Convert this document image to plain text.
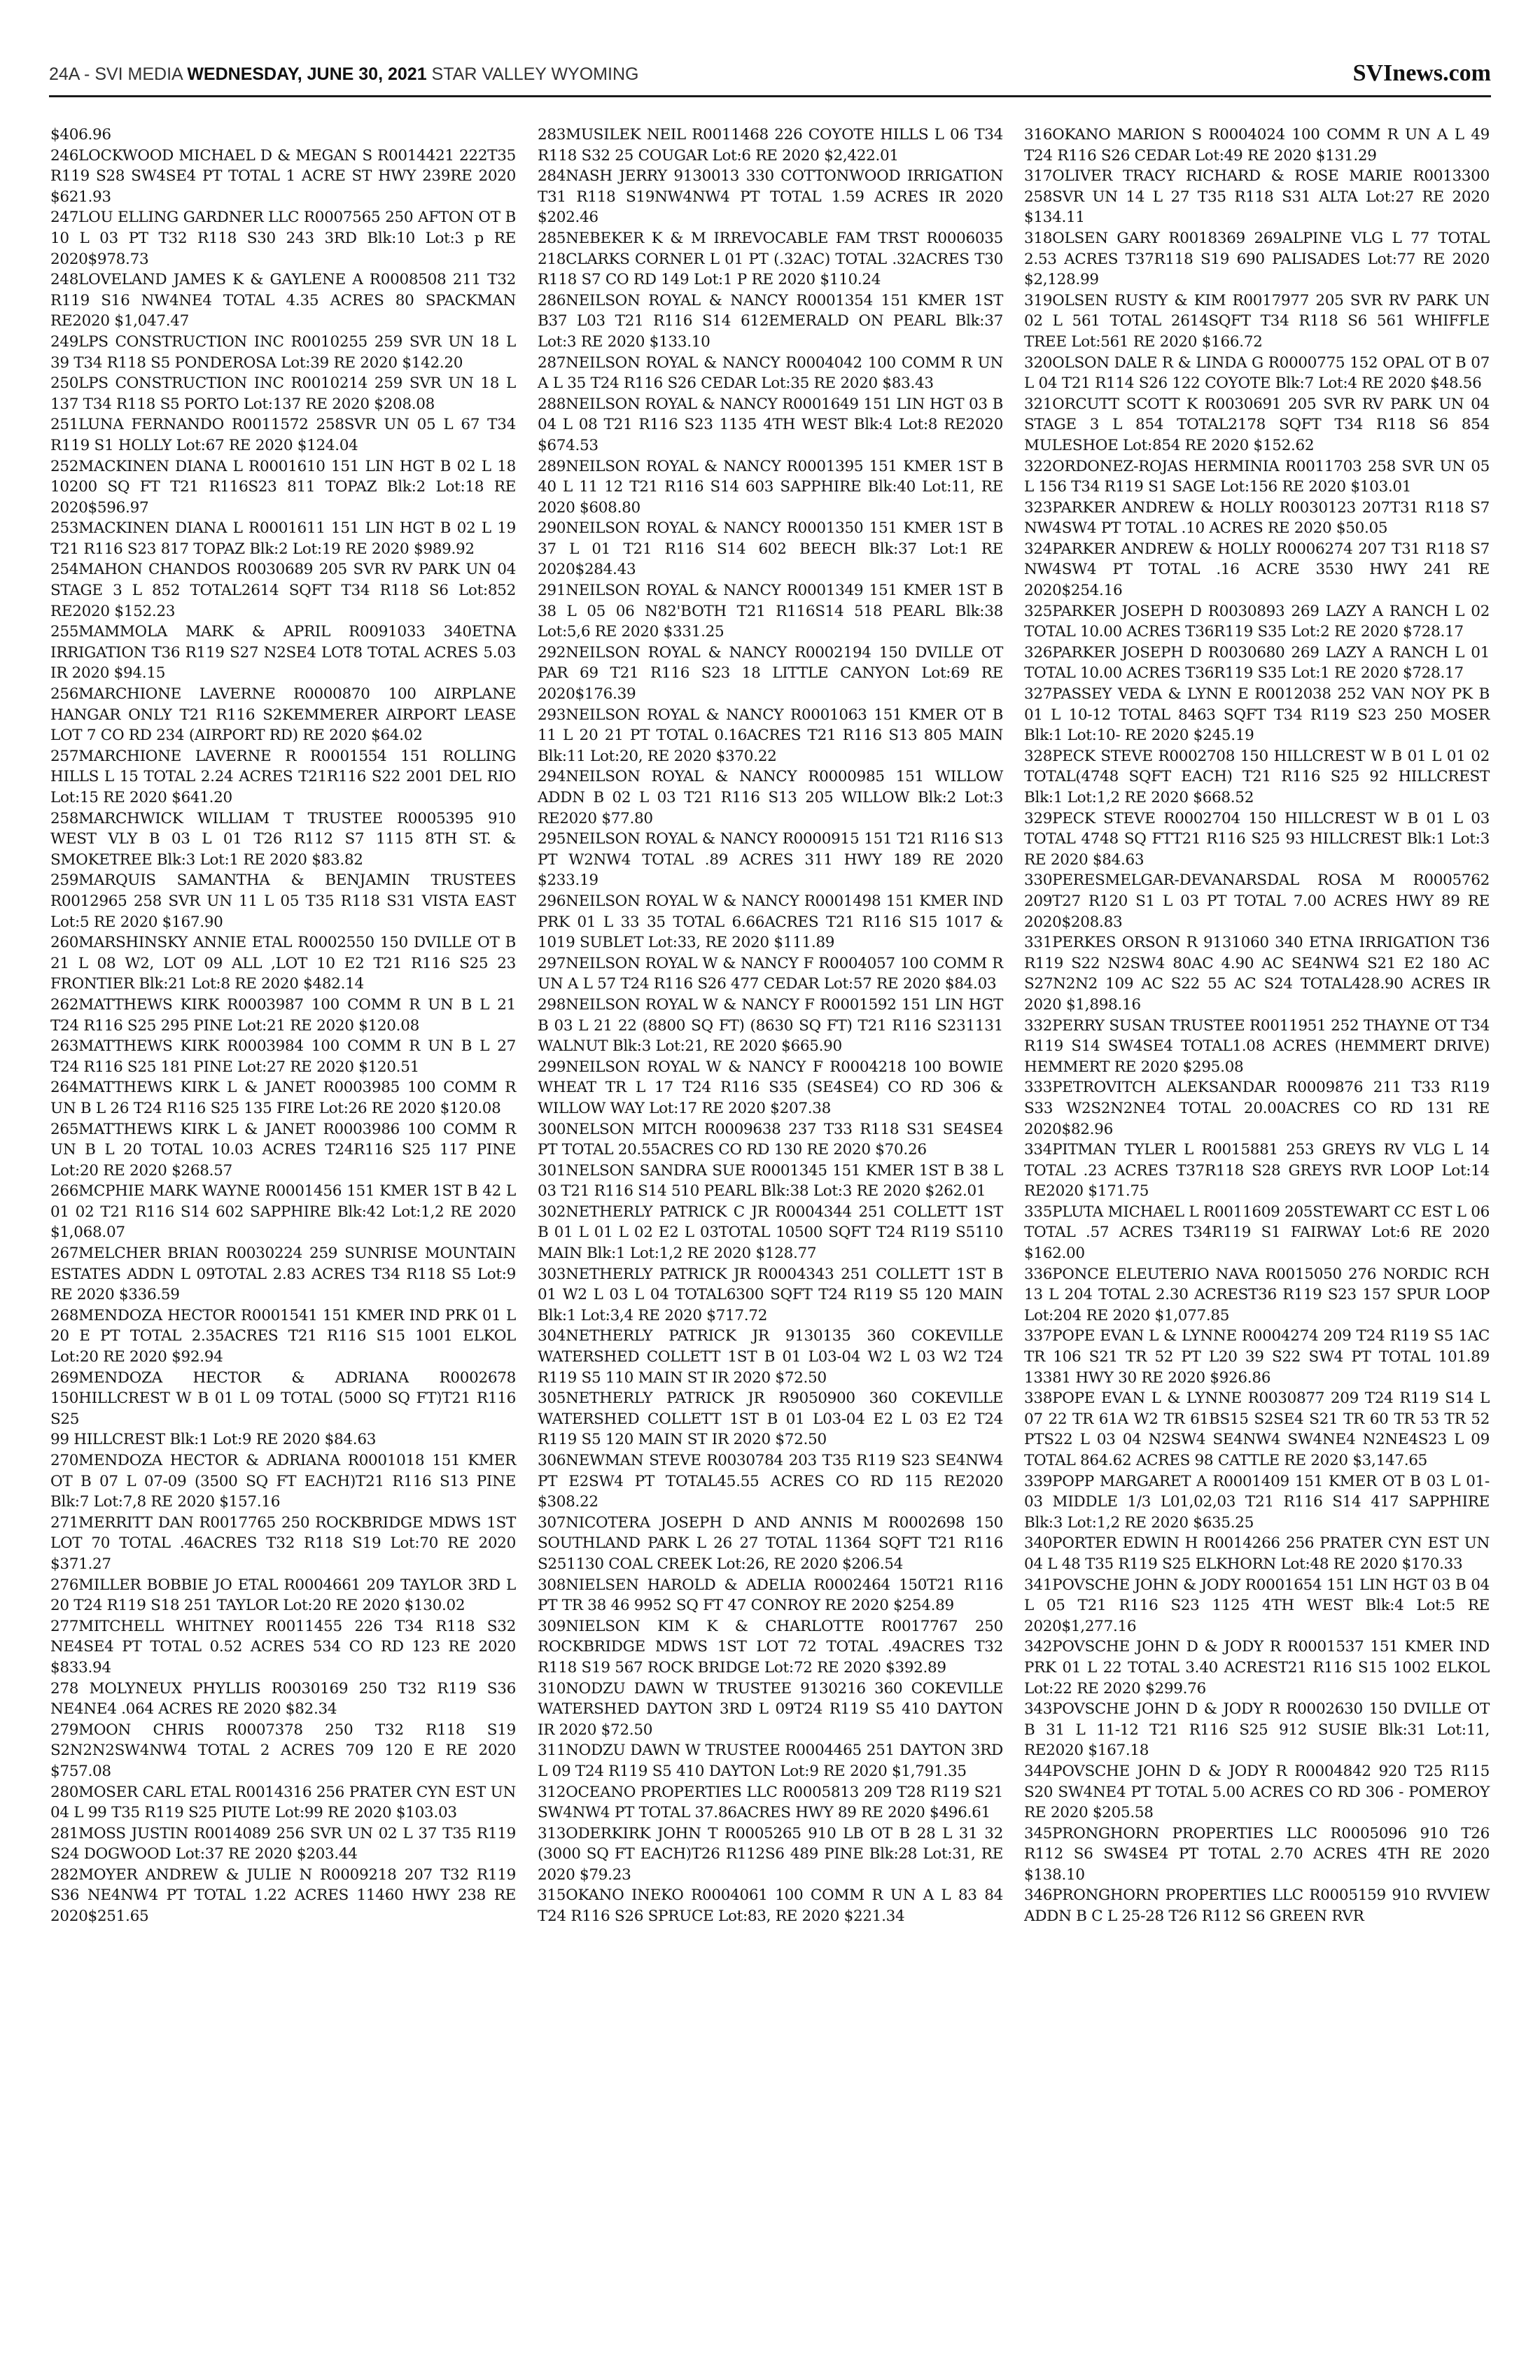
24A - SVI MEDIA WEDNESDAY, JUNE 30, 2021 STAR VALLEY WYOMING	SVInews.com

$406.96

246LOCKWOOD MICHAEL D & MEGAN S R0014421 222T35 R119 S28 SW4SE4 PT TOTAL 1 ACRE ST HWY 239RE 2020 $621.93

247LOU ELLING GARDNER LLC R0007565 250 AFTON OT B 10 L 03 PT T32 R118 S30 243 3RD Blk:10 Lot:3 p RE 2020$978.73

248LOVELAND JAMES K & GAYLENE A R0008508 211 T32 R119 S16 NW4NE4 TOTAL 4.35 ACRES 80 SPACKMAN RE2020 $1,047.47

249LPS CONSTRUCTION INC R0010255 259 SVR UN 18 L 39 T34 R118 S5 PONDEROSA Lot:39 RE 2020 $142.20

250LPS CONSTRUCTION INC R0010214 259 SVR UN 18 L 137 T34 R118 S5 PORTO Lot:137 RE 2020 $208.08

251LUNA FERNANDO R0011572 258SVR UN 05 L 67 T34 R119 S1 HOLLY Lot:67 RE 2020 $124.04

252MACKINEN DIANA L R0001610 151 LIN HGT B 02 L 18 10200 SQ FT T21 R116S23 811 TOPAZ Blk:2 Lot:18 RE 2020$596.97

253MACKINEN DIANA L R0001611 151 LIN HGT B 02 L 19 T21 R116 S23 817 TOPAZ Blk:2 Lot:19 RE 2020 $989.92

254MAHON CHANDOS R0030689 205 SVR RV PARK UN 04 STAGE 3 L 852 TOTAL2614 SQFT T34 R118 S6 Lot:852 RE2020 $152.23

255MAMMOLA MARK & APRIL R0091033 340ETNA IRRIGATION T36 R119 S27 N2SE4 LOT8 TOTAL ACRES 5.03 IR 2020 $94.15

256MARCHIONE LAVERNE R0000870 100 AIRPLANE HANGAR ONLY T21 R116 S2KEMMERER AIRPORT LEASE LOT 7 CO RD 234 (AIRPORT RD) RE 2020 $64.02

257MARCHIONE LAVERNE R R0001554 151 ROLLING HILLS L 15 TOTAL 2.24 ACRES T21R116 S22 2001 DEL RIO Lot:15 RE 2020 $641.20

258MARCHWICK WILLIAM T TRUSTEE R0005395 910 WEST VLY B 03 L 01 T26 R112 S7 1115 8TH ST. & SMOKETREE Blk:3 Lot:1 RE 2020 $83.82

259MARQUIS SAMANTHA & BENJAMIN TRUSTEES R0012965 258 SVR UN 11 L 05 T35 R118 S31 VISTA EAST Lot:5 RE 2020 $167.90

260MARSHINSKY ANNIE ETAL R0002550 150 DVILLE OT B 21 L 08 W2, LOT 09 ALL ,LOT 10 E2 T21 R116 S25 23 FRONTIER Blk:21 Lot:8 RE 2020 $482.14

262MATTHEWS KIRK R0003987 100 COMM R UN B L 21 T24 R116 S25 295 PINE Lot:21 RE 2020 $120.08

263MATTHEWS KIRK R0003984 100 COMM R UN B L 27 T24 R116 S25 181 PINE Lot:27 RE 2020 $120.51

264MATTHEWS KIRK L & JANET R0003985 100 COMM R UN B L 26 T24 R116 S25 135 FIRE Lot:26 RE 2020 $120.08

265MATTHEWS KIRK L & JANET R0003986 100 COMM R UN B L 20 TOTAL 10.03 ACRES T24R116 S25 117 PINE Lot:20 RE 2020 $268.57

266MCPHIE MARK WAYNE R0001456 151 KMER 1ST B 42 L 01 02 T21 R116 S14 602 SAPPHIRE Blk:42 Lot:1,2 RE 2020 $1,068.07

267MELCHER BRIAN R0030224 259 SUNRISE MOUNTAIN ESTATES ADDN L 09TOTAL 2.83 ACRES T34 R118 S5 Lot:9 RE 2020 $336.59

268MENDOZA HECTOR R0001541 151 KMER IND PRK 01 L 20 E PT TOTAL 2.35ACRES T21 R116 S15 1001 ELKOL Lot:20 RE 2020 $92.94

269MENDOZA HECTOR & ADRIANA R0002678 150HILLCREST W B 01 L 09 TOTAL (5000 SQ FT)T21 R116 S25

99 HILLCREST Blk:1 Lot:9 RE 2020 $84.63

270MENDOZA HECTOR & ADRIANA R0001018 151 KMER OT B 07 L 07-09 (3500 SQ FT EACH)T21 R116 S13 PINE Blk:7 Lot:7,8 RE 2020 $157.16

271MERRITT DAN R0017765 250 ROCKBRIDGE MDWS 1ST LOT 70 TOTAL .46ACRES T32 R118 S19 Lot:70 RE 2020 $371.27

276MILLER BOBBIE JO ETAL R0004661 209 TAYLOR 3RD L 20 T24 R119 S18 251 TAYLOR Lot:20 RE 2020 $130.02

277MITCHELL WHITNEY R0011455 226 T34 R118 S32 NE4SE4 PT TOTAL 0.52 ACRES 534 CO RD 123 RE 2020 $833.94

278 MOLYNEUX PHYLLIS R0030169 250 T32 R119 S36 NE4NE4 .064 ACRES RE 2020 $82.34

279MOON CHRIS R0007378 250 T32 R118 S19 S2N2N2SW4NW4 TOTAL 2 ACRES 709 120 E RE 2020 $757.08

280MOSER CARL ETAL R0014316 256 PRATER CYN EST UN 04 L 99 T35 R119 S25 PIUTE Lot:99 RE 2020 $103.03

281MOSS JUSTIN R0014089 256 SVR UN 02 L 37 T35 R119 S24 DOGWOOD Lot:37 RE 2020 $203.44

282MOYER ANDREW & JULIE N R0009218 207 T32 R119 S36 NE4NW4 PT TOTAL 1.22 ACRES 11460 HWY 238 RE 2020$251.65

283MUSILEK NEIL R0011468 226 COYOTE HILLS L 06 T34 R118 S32 25 COUGAR Lot:6 RE 2020 $2,422.01

284NASH JERRY 9130013 330 COTTONWOOD IRRIGATION T31 R118 S19NW4NW4 PT TOTAL 1.59 ACRES IR 2020 $202.46

285NEBEKER K & M IRREVOCABLE FAM TRST R0006035 218CLARKS CORNER L 01 PT (.32AC) TOTAL .32ACRES T30 R118 S7 CO RD 149 Lot:1 P RE 2020 $110.24

286NEILSON ROYAL & NANCY R0001354 151 KMER 1ST B37 L03 T21 R116 S14 612EMERALD ON PEARL Blk:37 Lot:3 RE 2020 $133.10

287NEILSON ROYAL & NANCY R0004042 100 COMM R UN A L 35 T24 R116 S26 CEDAR Lot:35 RE 2020 $83.43

288NEILSON ROYAL & NANCY R0001649 151 LIN HGT 03 B 04 L 08 T21 R116 S23 1135 4TH WEST Blk:4 Lot:8 RE2020 $674.53

289NEILSON ROYAL & NANCY R0001395 151 KMER 1ST B 40 L 11 12 T21 R116 S14 603 SAPPHIRE Blk:40 Lot:11, RE 2020 $608.80

290NEILSON ROYAL & NANCY R0001350 151 KMER 1ST B 37 L 01 T21 R116 S14 602 BEECH Blk:37 Lot:1 RE 2020$284.43

291NEILSON ROYAL & NANCY R0001349 151 KMER 1ST B 38 L 05 06 N82'BOTH T21 R116S14 518 PEARL Blk:38 Lot:5,6 RE 2020 $331.25

292NEILSON ROYAL & NANCY R0002194 150 DVILLE OT PAR 69 T21 R116 S23 18 LITTLE CANYON Lot:69 RE 2020$176.39

293NEILSON ROYAL & NANCY R0001063 151 KMER OT B 11 L 20 21 PT TOTAL 0.16ACRES T21 R116 S13 805 MAIN Blk:11 Lot:20, RE 2020 $370.22

294NEILSON ROYAL & NANCY R0000985 151 WILLOW ADDN B 02 L 03 T21 R116 S13 205 WILLOW Blk:2 Lot:3 RE2020 $77.80

295NEILSON ROYAL & NANCY R0000915 151 T21 R116 S13 PT W2NW4 TOTAL .89 ACRES 311 HWY 189 RE 2020 $233.19

296NEILSON ROYAL W & NANCY R0001498 151 KMER IND PRK 01 L 33 35 TOTAL 6.66ACRES T21 R116 S15 1017 & 1019 SUBLET Lot:33, RE 2020 $111.89

297NEILSON ROYAL W & NANCY F R0004057 100 COMM R UN A L 57 T24 R116 S26 477 CEDAR Lot:57 RE 2020 $84.03

298NEILSON ROYAL W & NANCY F R0001592 151 LIN HGT B 03 L 21 22 (8800 SQ FT) (8630 SQ FT) T21 R116 S231131 WALNUT Blk:3 Lot:21, RE 2020 $665.90

299NEILSON ROYAL W & NANCY F R0004218 100 BOWIE WHEAT TR L 17 T24 R116 S35 (SE4SE4) CO RD 306 & WILLOW WAY Lot:17 RE 2020 $207.38

300NELSON MITCH R0009638 237 T33 R118 S31 SE4SE4 PT TOTAL 20.55ACRES CO RD 130 RE 2020 $70.26

301NELSON SANDRA SUE R0001345 151 KMER 1ST B 38 L 03 T21 R116 S14 510 PEARL Blk:38 Lot:3 RE 2020 $262.01

302NETHERLY PATRICK C JR R0004344 251 COLLETT 1ST B 01 L 01 L 02 E2 L 03TOTAL 10500 SQFT T24 R119 S5110 MAIN Blk:1 Lot:1,2 RE 2020 $128.77

303NETHERLY PATRICK JR R0004343 251 COLLETT 1ST B 01 W2 L 03 L 04 TOTAL6300 SQFT T24 R119 S5 120 MAIN Blk:1 Lot:3,4 RE 2020 $717.72

304NETHERLY PATRICK JR 9130135 360 COKEVILLE WATERSHED COLLETT 1ST B 01 L03-04 W2 L 03 W2 T24 R119 S5 110 MAIN ST IR 2020 $72.50

305NETHERLY PATRICK JR R9050900 360 COKEVILLE WATERSHED COLLETT 1ST B 01 L03-04 E2 L 03 E2 T24 R119 S5 120 MAIN ST IR 2020 $72.50

306NEWMAN STEVE R0030784 203 T35 R119 S23 SE4NW4 PT E2SW4 PT TOTAL45.55 ACRES CO RD 115 RE2020 $308.22

307NICOTERA JOSEPH D AND ANNIS M R0002698 150 SOUTHLAND PARK L 26 27 TOTAL 11364 SQFT T21 R116 S251130 COAL CREEK Lot:26, RE 2020 $206.54

308NIELSEN HAROLD & ADELIA R0002464 150T21 R116 PT TR 38 46 9952 SQ FT 47 CONROY RE 2020 $254.89

309NIELSON KIM K & CHARLOTTE R0017767 250 ROCKBRIDGE MDWS 1ST LOT 72 TOTAL .49ACRES T32 R118 S19 567 ROCK BRIDGE Lot:72 RE 2020 $392.89

310NODZU DAWN W TRUSTEE 9130216 360 COKEVILLE WATERSHED DAYTON 3RD L 09T24 R119 S5 410 DAYTON IR 2020 $72.50

311NODZU DAWN W TRUSTEE R0004465 251 DAYTON 3RD L 09 T24 R119 S5 410 DAYTON Lot:9 RE 2020 $1,791.35

312OCEANO PROPERTIES LLC R0005813 209 T28 R119 S21 SW4NW4 PT TOTAL 37.86ACRES HWY 89 RE 2020 $496.61

313ODERKIRK JOHN T R0005265 910 LB OT B 28 L 31 32 (3000 SQ FT EACH)T26 R112S6 489 PINE Blk:28 Lot:31, RE 2020 $79.23

315OKANO INEKO R0004061 100 COMM R UN A L 83 84 T24 R116 S26 SPRUCE Lot:83, RE 2020 $221.34

316OKANO MARION S R0004024 100 COMM R UN A L 49 T24 R116 S26 CEDAR Lot:49 RE 2020 $131.29

317OLIVER TRACY RICHARD & ROSE MARIE R0013300 258SVR UN 14 L 27 T35 R118 S31 ALTA Lot:27 RE 2020 $134.11

318OLSEN GARY R0018369 269ALPINE VLG L 77 TOTAL 2.53 ACRES T37R118 S19 690 PALISADES Lot:77 RE 2020 $2,128.99

319OLSEN RUSTY & KIM R0017977 205 SVR RV PARK UN 02 L 561 TOTAL 2614SQFT T34 R118 S6 561 WHIFFLE TREE Lot:561 RE 2020 $166.72

320OLSON DALE R & LINDA G R0000775 152 OPAL OT B 07 L 04 T21 R114 S26 122 COYOTE Blk:7 Lot:4 RE 2020 $48.56

321ORCUTT SCOTT K R0030691 205 SVR RV PARK UN 04 STAGE 3 L 854 TOTAL2178 SQFT T34 R118 S6 854 MULESHOE Lot:854 RE 2020 $152.62

322ORDONEZ-ROJAS HERMINIA R0011703 258 SVR UN 05 L 156 T34 R119 S1 SAGE Lot:156 RE 2020 $103.01

323PARKER ANDREW & HOLLY R0030123 207T31 R118 S7 NW4SW4 PT TOTAL .10 ACRES RE 2020 $50.05

324PARKER ANDREW & HOLLY R0006274 207 T31 R118 S7 NW4SW4 PT TOTAL .16 ACRE 3530 HWY 241 RE 2020$254.16

325PARKER JOSEPH D R0030893 269 LAZY A RANCH L 02 TOTAL 10.00 ACRES T36R119 S35 Lot:2 RE 2020 $728.17

326PARKER JOSEPH D R0030680 269 LAZY A RANCH L 01 TOTAL 10.00 ACRES T36R119 S35 Lot:1 RE 2020 $728.17

327PASSEY VEDA & LYNN E R0012038 252 VAN NOY PK B 01 L 10-12 TOTAL 8463 SQFT T34 R119 S23 250 MOSER Blk:1 Lot:10- RE 2020 $245.19

328PECK STEVE R0002708 150 HILLCREST W B 01 L 01 02 TOTAL(4748 SQFT EACH) T21 R116 S25 92 HILLCREST Blk:1 Lot:1,2 RE 2020 $668.52

329PECK STEVE R0002704 150 HILLCREST W B 01 L 03 TOTAL 4748 SQ FTT21 R116 S25 93 HILLCREST Blk:1 Lot:3 RE 2020 $84.63

330PERESMELGAR-DEVANARSDAL ROSA M R0005762 209T27 R120 S1 L 03 PT TOTAL 7.00 ACRES HWY 89 RE 2020$208.83

331PERKES ORSON R 9131060 340 ETNA IRRIGATION T36 R119 S22 N2SW4 80AC 4.90 AC SE4NW4 S21 E2 180 AC S27N2N2 109 AC S22 55 AC S24 TOTAL428.90 ACRES IR 2020 $1,898.16

332PERRY SUSAN TRUSTEE R0011951 252 THAYNE OT T34 R119 S14 SW4SE4 TOTAL1.08 ACRES (HEMMERT DRIVE) HEMMERT RE 2020 $295.08

333PETROVITCH ALEKSANDAR R0009876 211 T33 R119 S33 W2S2N2NE4 TOTAL 20.00ACRES CO RD 131 RE 2020$82.96

334PITMAN TYLER L R0015881 253 GREYS RV VLG L 14 TOTAL .23 ACRES T37R118 S28 GREYS RVR LOOP Lot:14 RE2020 $171.75

335PLUTA MICHAEL L R0011609 205STEWART CC EST L 06 TOTAL .57 ACRES T34R119 S1 FAIRWAY Lot:6 RE 2020 $162.00

336PONCE ELEUTERIO NAVA R0015050 276 NORDIC RCH 13 L 204 TOTAL 2.30 ACREST36 R119 S23 157 SPUR LOOP Lot:204 RE 2020 $1,077.85

337POPE EVAN L & LYNNE R0004274 209 T24 R119 S5 1AC TR 106 S21 TR 52 PT L20 39 S22 SW4 PT TOTAL 101.89 13381 HWY 30 RE 2020 $926.86

338POPE EVAN L & LYNNE R0030877 209 T24 R119 S14 L 07 22 TR 61A W2 TR 61BS15 S2SE4 S21 TR 60 TR 53 TR 52 PTS22 L 03 04 N2SW4 SE4NW4 SW4NE4 N2NE4S23 L 09 TOTAL 864.62 ACRES 98 CATTLE RE 2020 $3,147.65

339POPP MARGARET A R0001409 151 KMER OT B 03 L 01-03 MIDDLE 1/3 L01,02,03 T21 R116 S14 417 SAPPHIRE Blk:3 Lot:1,2 RE 2020 $635.25

340PORTER EDWIN H R0014266 256 PRATER CYN EST UN 04 L 48 T35 R119 S25 ELKHORN Lot:48 RE 2020 $170.33

341POVSCHE JOHN & JODY R0001654 151 LIN HGT 03 B 04 L 05 T21 R116 S23 1125 4TH WEST Blk:4 Lot:5 RE 2020$1,277.16

342POVSCHE JOHN D & JODY R R0001537 151 KMER IND PRK 01 L 22 TOTAL 3.40 ACREST21 R116 S15 1002 ELKOL Lot:22 RE 2020 $299.76

343POVSCHE JOHN D & JODY R R0002630 150 DVILLE OT B 31 L 11-12 T21 R116 S25 912 SUSIE Blk:31 Lot:11, RE2020 $167.18

344POVSCHE JOHN D & JODY R R0004842 920 T25 R115 S20 SW4NE4 PT TOTAL 5.00 ACRES CO RD 306 - POMEROY RE 2020 $205.58

345PRONGHORN PROPERTIES LLC R0005096 910 T26 R112 S6 SW4SE4 PT TOTAL 2.70 ACRES 4TH RE 2020 $138.10

346PRONGHORN PROPERTIES LLC R0005159 910 RVVIEW ADDN B C L 25-28 T26 R112 S6 GREEN RVR
